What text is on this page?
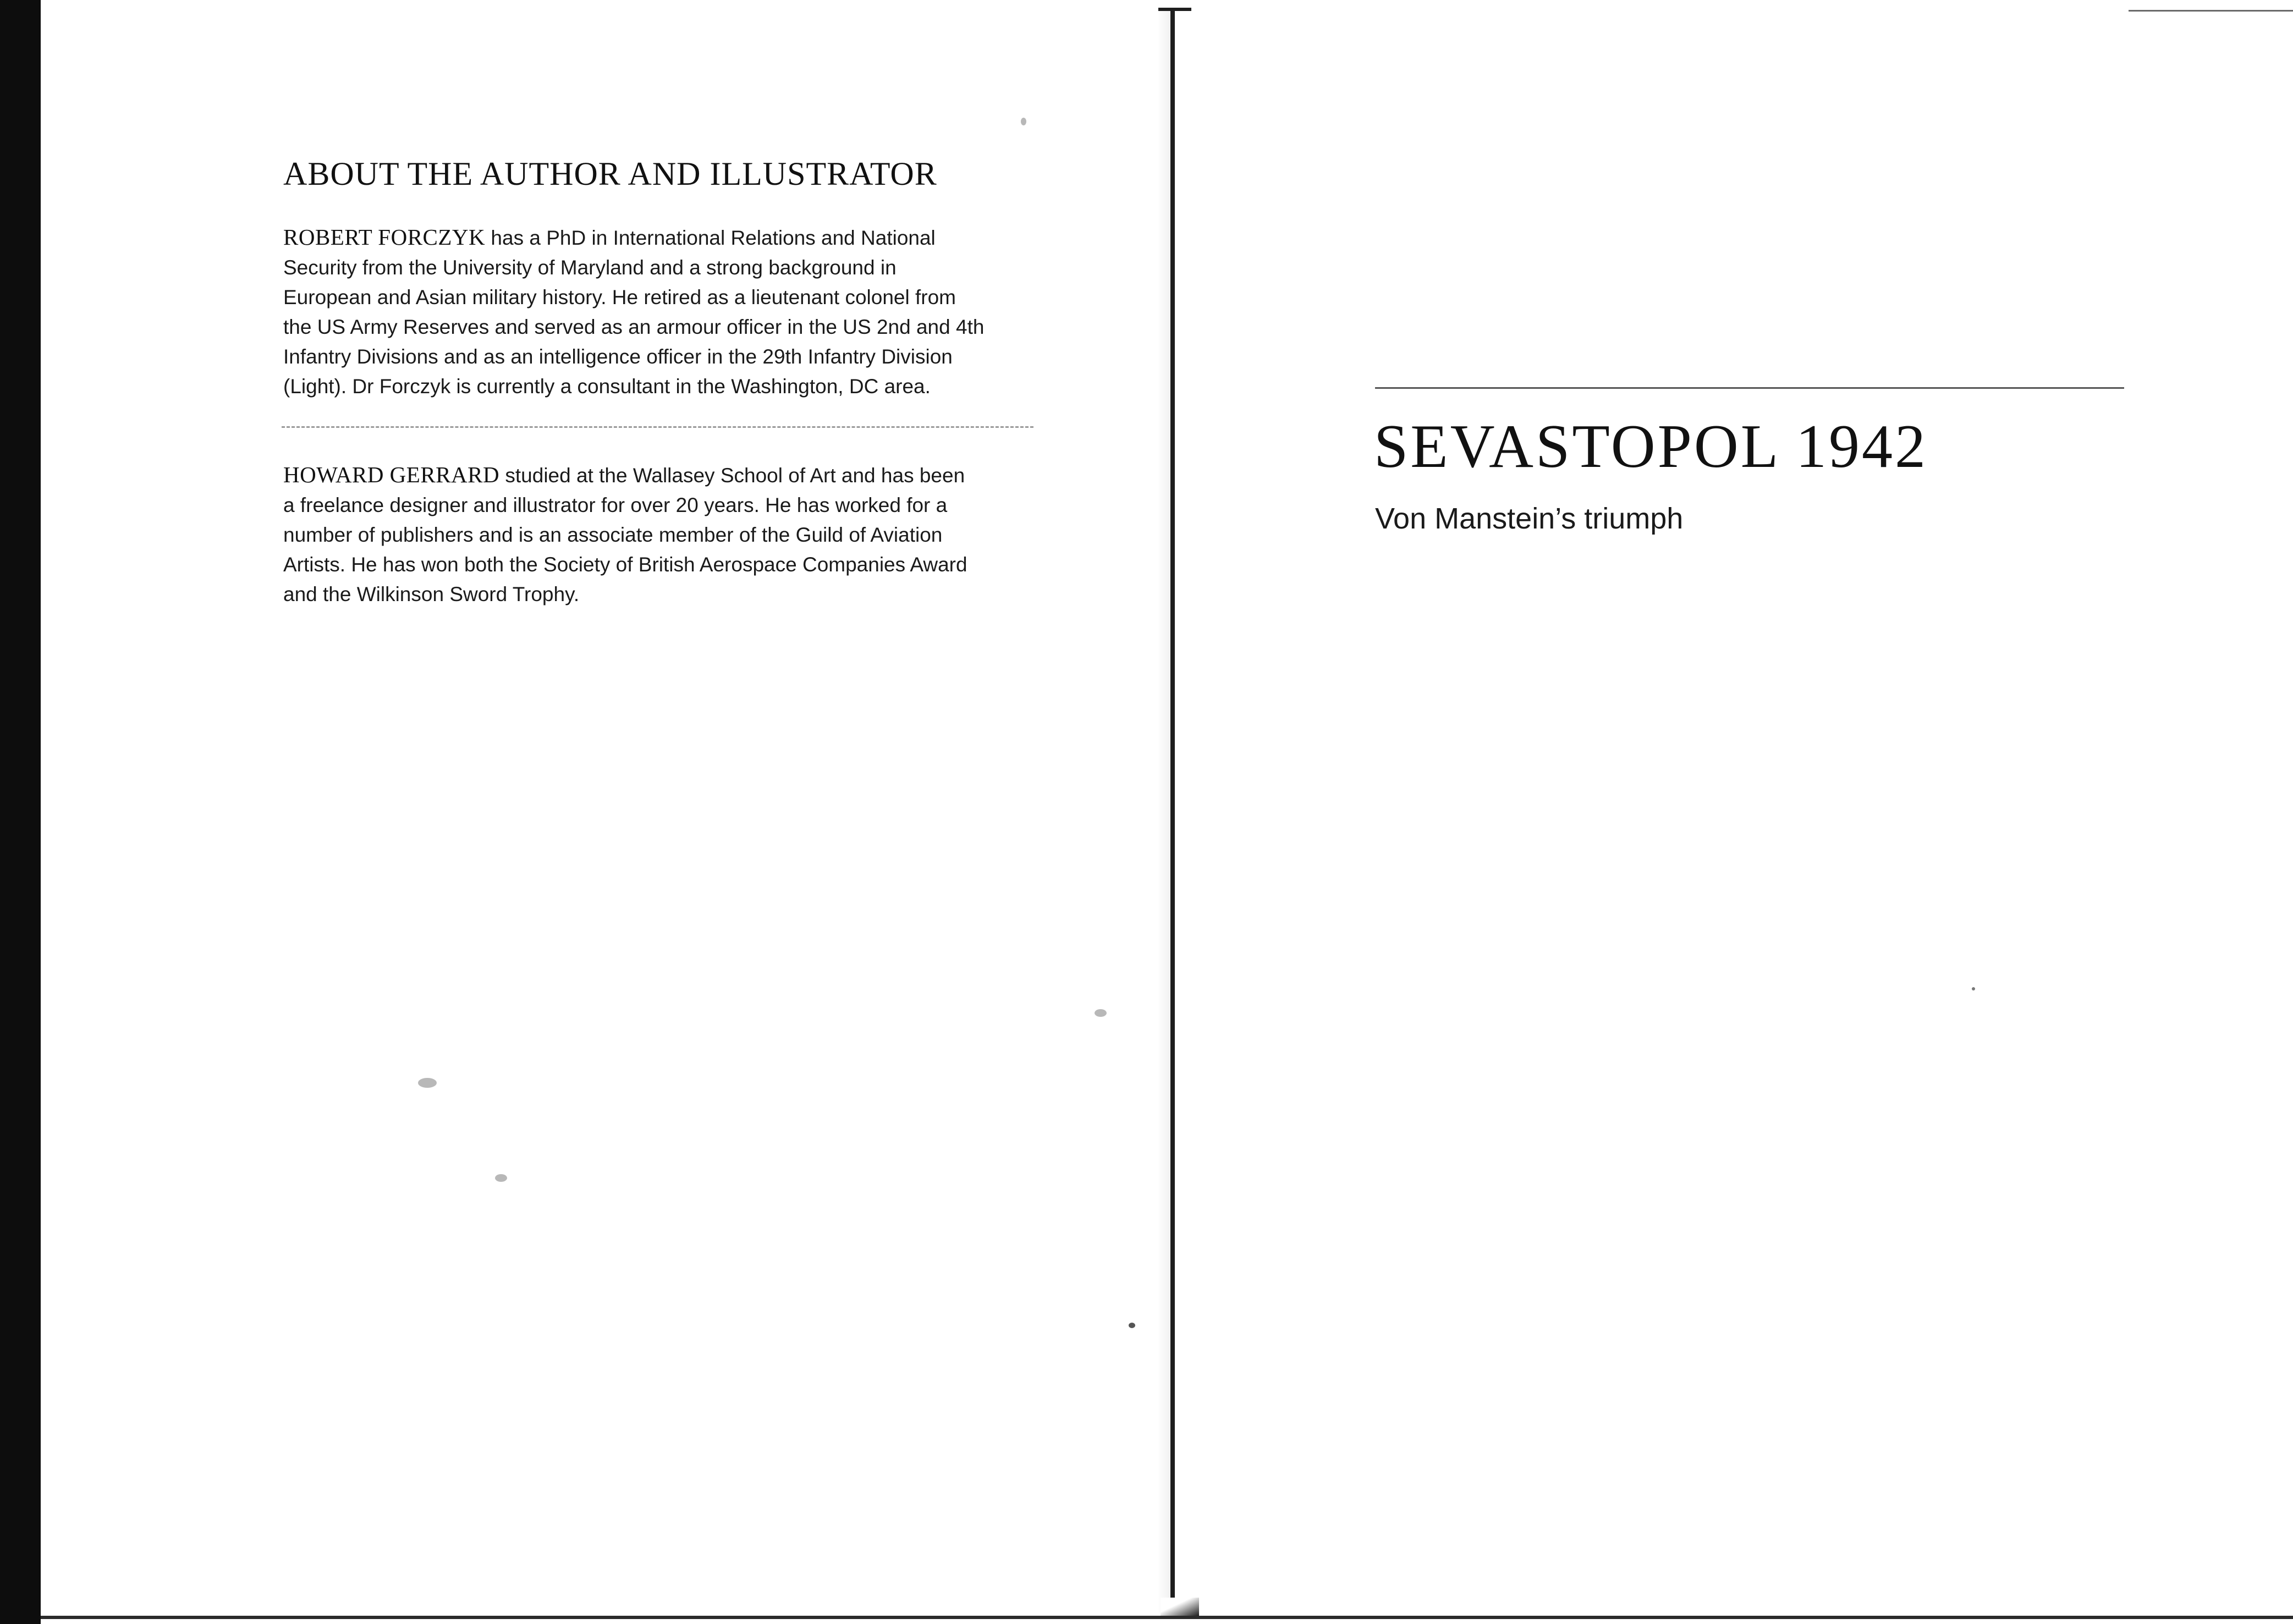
ABOUT THE AUTHOR AND ILLUSTRATOR

ROBERT FORCZYK has a PhD in International Relations and National
Security from the University of Maryland and a strong background in
European and Asian military history. He retired as a lieutenant colonel from
the US Army Reserves and served as an armour officer in the US 2nd and 4th
Infantry Divisions and as an intelligence officer in the 29th Infantry Division
(Light). Dr Forczyk is currently a consultant in the Washington, DC area.

HOWARD GERRARD studied at the Wallasey School of Art and has been
a freelance designer and illustrator for over 20 years. He has worked for a
number of publishers and is an associate member of the Guild of Aviation
Artists. He has won both the Society of British Aerospace Companies Award
and the Wilkinson Sword Trophy.

SEVASTOPOL 1942
Von Manstein’s triumph
